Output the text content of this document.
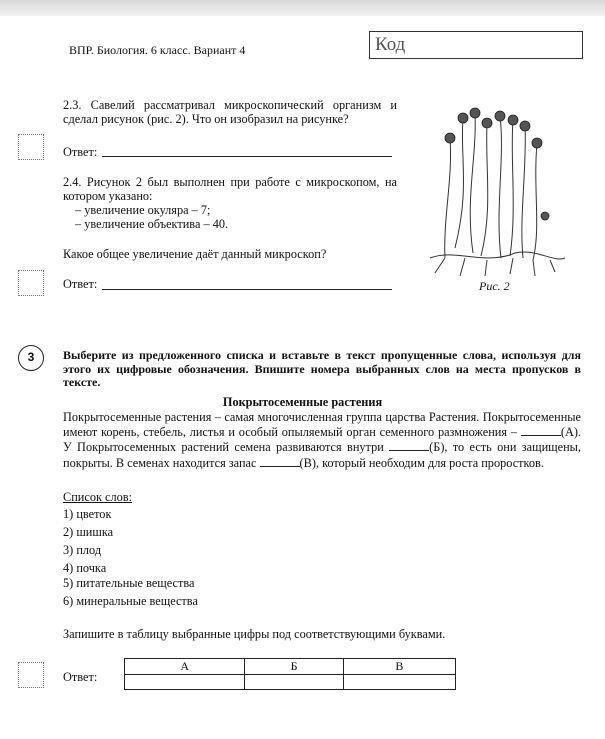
ВПР. Биология. 6 класс. Вариант 4	Код
2.3. Савелий рассматривал микроскопический организм и сделал рисунок (рис. 2). Что он изобразил на рисунке?
Ответ:
2.4. Рисунок 2 был выполнен при работе с микроскопом, на котором указано:
– увеличение окуляра – 7;
– увеличение объектива – 40.
Какое общее увеличение даёт данный микроскоп?
Ответ:	Рис. 2
3	Выберите из предложенного списка и вставьте в текст пропущенные слова, используя для этого их цифровые обозначения. Впишите номера выбранных слов на места пропусков в тексте.
Покрытосеменные растения
Покрытосеменные растения – самая многочисленная группа царства Растения. Покрытосеменные имеют корень, стебель, листья и особый опыляемый орган семенного размножения –	(А). У Покрытосеменных растений семена развиваются внутри	(Б), то есть они защищены, покрыты. В семенах находится запас	(В), который необходим для роста проростков.
Список слов:
1) цветок
2) шишка
3) плод
4) почка
5) питательные вещества
6) минеральные вещества
Запишите в таблицу выбранные цифры под соответствующими буквами.
Ответ:
А	Б	В
